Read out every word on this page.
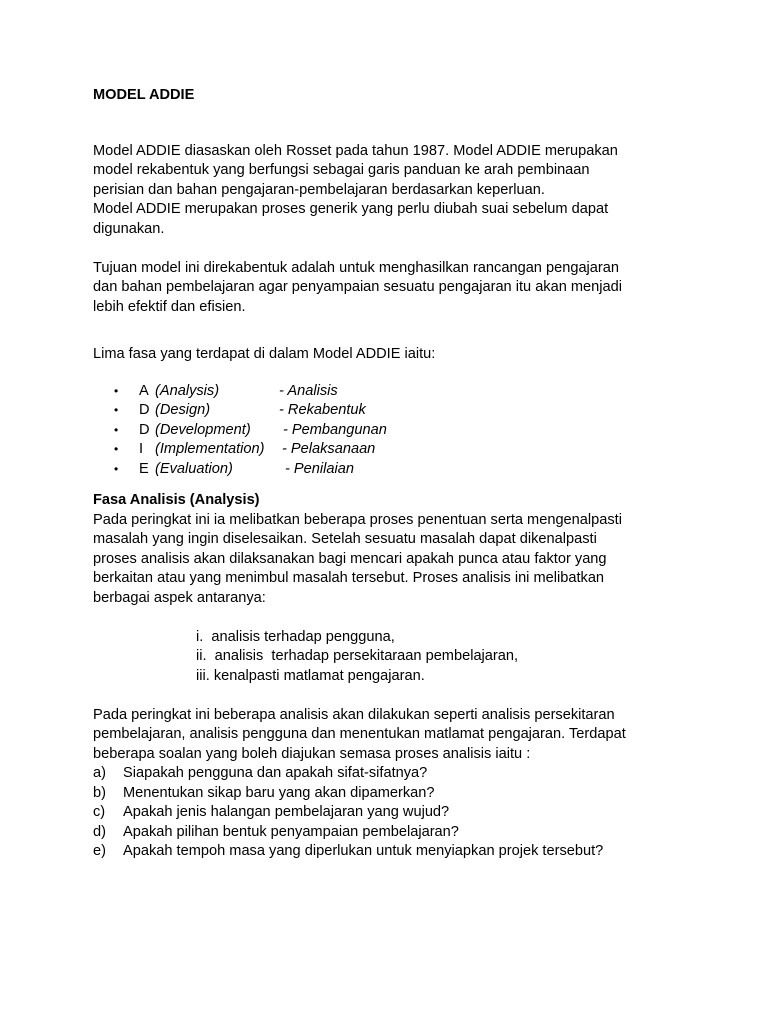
MODEL ADDIE
Model ADDIE diasaskan oleh Rosset pada tahun 1987. Model ADDIE merupakan
model rekabentuk yang berfungsi sebagai garis panduan ke arah pembinaan
perisian dan bahan pengajaran-pembelajaran berdasarkan keperluan.
Model ADDIE merupakan proses generik yang perlu diubah suai sebelum dapat
digunakan.
Tujuan model ini direkabentuk adalah untuk menghasilkan rancangan pengajaran
dan bahan pembelajaran agar penyampaian sesuatu pengajaran itu akan menjadi
lebih efektif dan efisien.
Lima fasa yang terdapat di dalam Model ADDIE iaitu:
• A (Analysis)	- Analisis
• D (Design)	- Rekabentuk
• D (Development) - Pembangunan
• I (Implementation) - Pelaksanaan
• E (Evaluation)	- Penilaian
Fasa Analisis (Analysis)
Pada peringkat ini ia melibatkan beberapa proses penentuan serta mengenalpasti
masalah yang ingin diselesaikan. Setelah sesuatu masalah dapat dikenalpasti
proses analisis akan dilaksanakan bagi mencari apakah punca atau faktor yang
berkaitan atau yang menimbul masalah tersebut. Proses analisis ini melibatkan
berbagai aspek antaranya:
i.  analisis terhadap pengguna,
ii.  analisis  terhadap persekitaraan pembelajaran,
iii. kenalpasti matlamat pengajaran.
Pada peringkat ini beberapa analisis akan dilakukan seperti analisis persekitaran
pembelajaran, analisis pengguna dan menentukan matlamat pengajaran. Terdapat
beberapa soalan yang boleh diajukan semasa proses analisis iaitu :
a) Siapakah pengguna dan apakah sifat-sifatnya?
b) Menentukan sikap baru yang akan dipamerkan?
c) Apakah jenis halangan pembelajaran yang wujud?
d) Apakah pilihan bentuk penyampaian pembelajaran?
e) Apakah tempoh masa yang diperlukan untuk menyiapkan projek tersebut?
